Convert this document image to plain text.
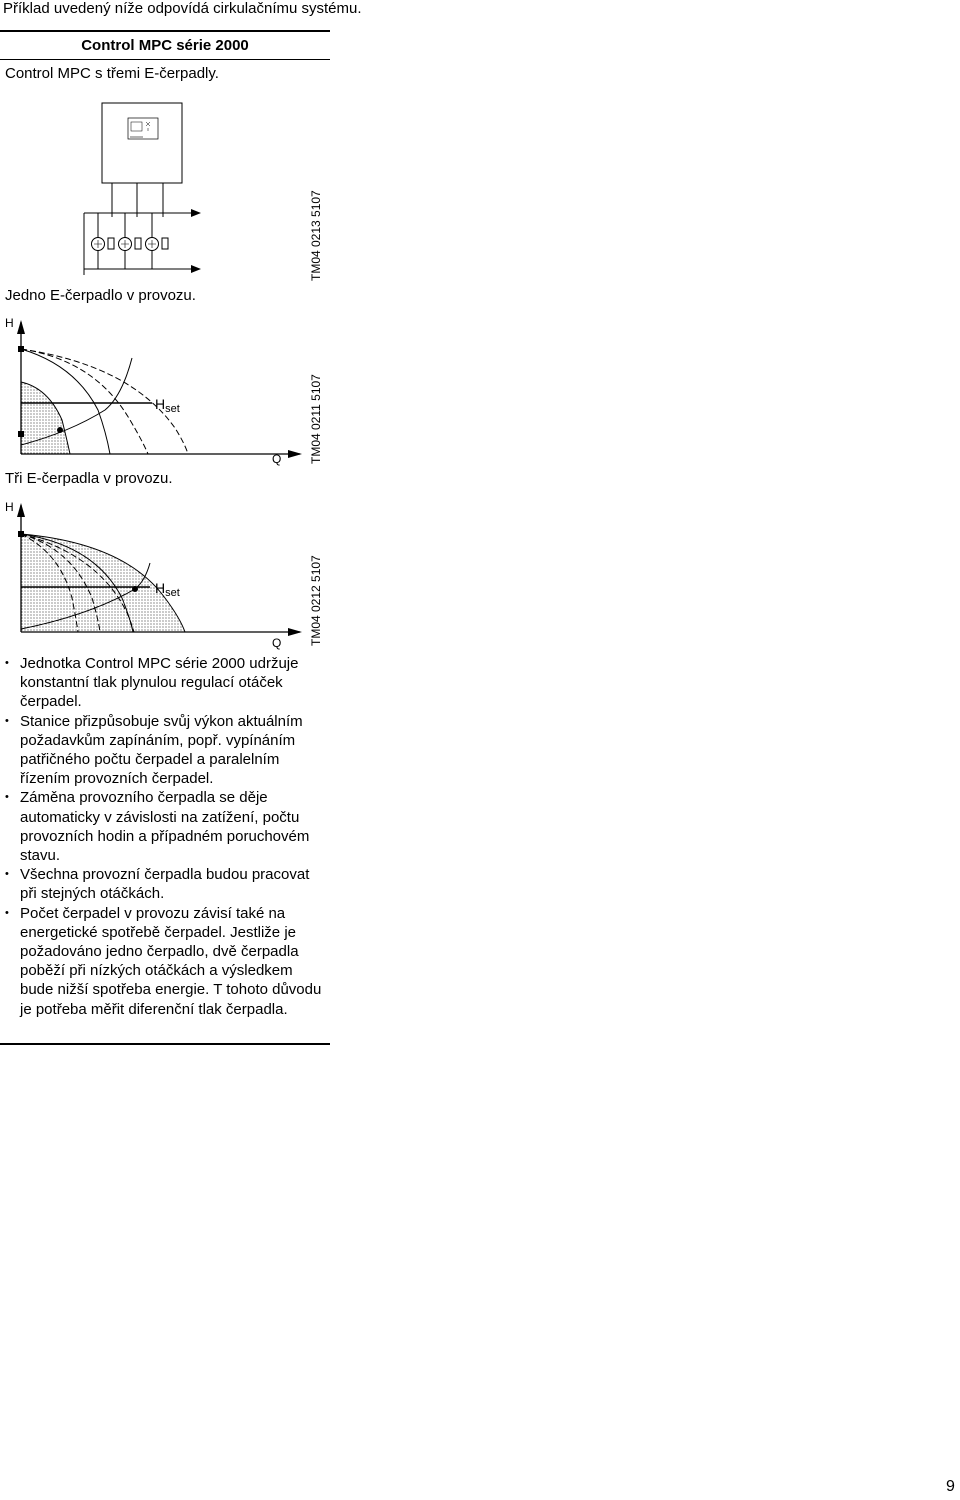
Příklad uvedený níže odpovídá cirkulačnímu systému.
Control MPC série 2000
Control MPC s třemi E-čerpadly.
TM04 0213 5107
Jedno E-čerpadlo v provozu.
H
$H_{set}$
Q TM04 0211 5107
Tři E-čerpadla v provozu.
H
$H_{set}$
Q TM04 0212 5107
• Jednotka Control MPC série 2000 udržuje konstantní tlak plynulou regulací otáček čerpadel.
• Stanice přizpůsobuje svůj výkon aktuálním požadavkům zapínáním, popř. vypínáním patřičného počtu čerpadel a paralelním řízením provozních čerpadel.
• Záměna provozního čerpadla se děje automaticky v závislosti na zatížení, počtu provozních hodin a případném poruchovém stavu.
• Všechna provozní čerpadla budou pracovat při stejných otáčkách.
• Počet čerpadel v provozu závisí také na energetické spotřebě čerpadel. Jestliže je požadováno jedno čerpadlo, dvě čerpadla poběží při nízkých otáčkách a výsledkem bude nižší spotřeba energie. T tohoto důvodu je potřeba měřit diferenční tlak čerpadla.
9
